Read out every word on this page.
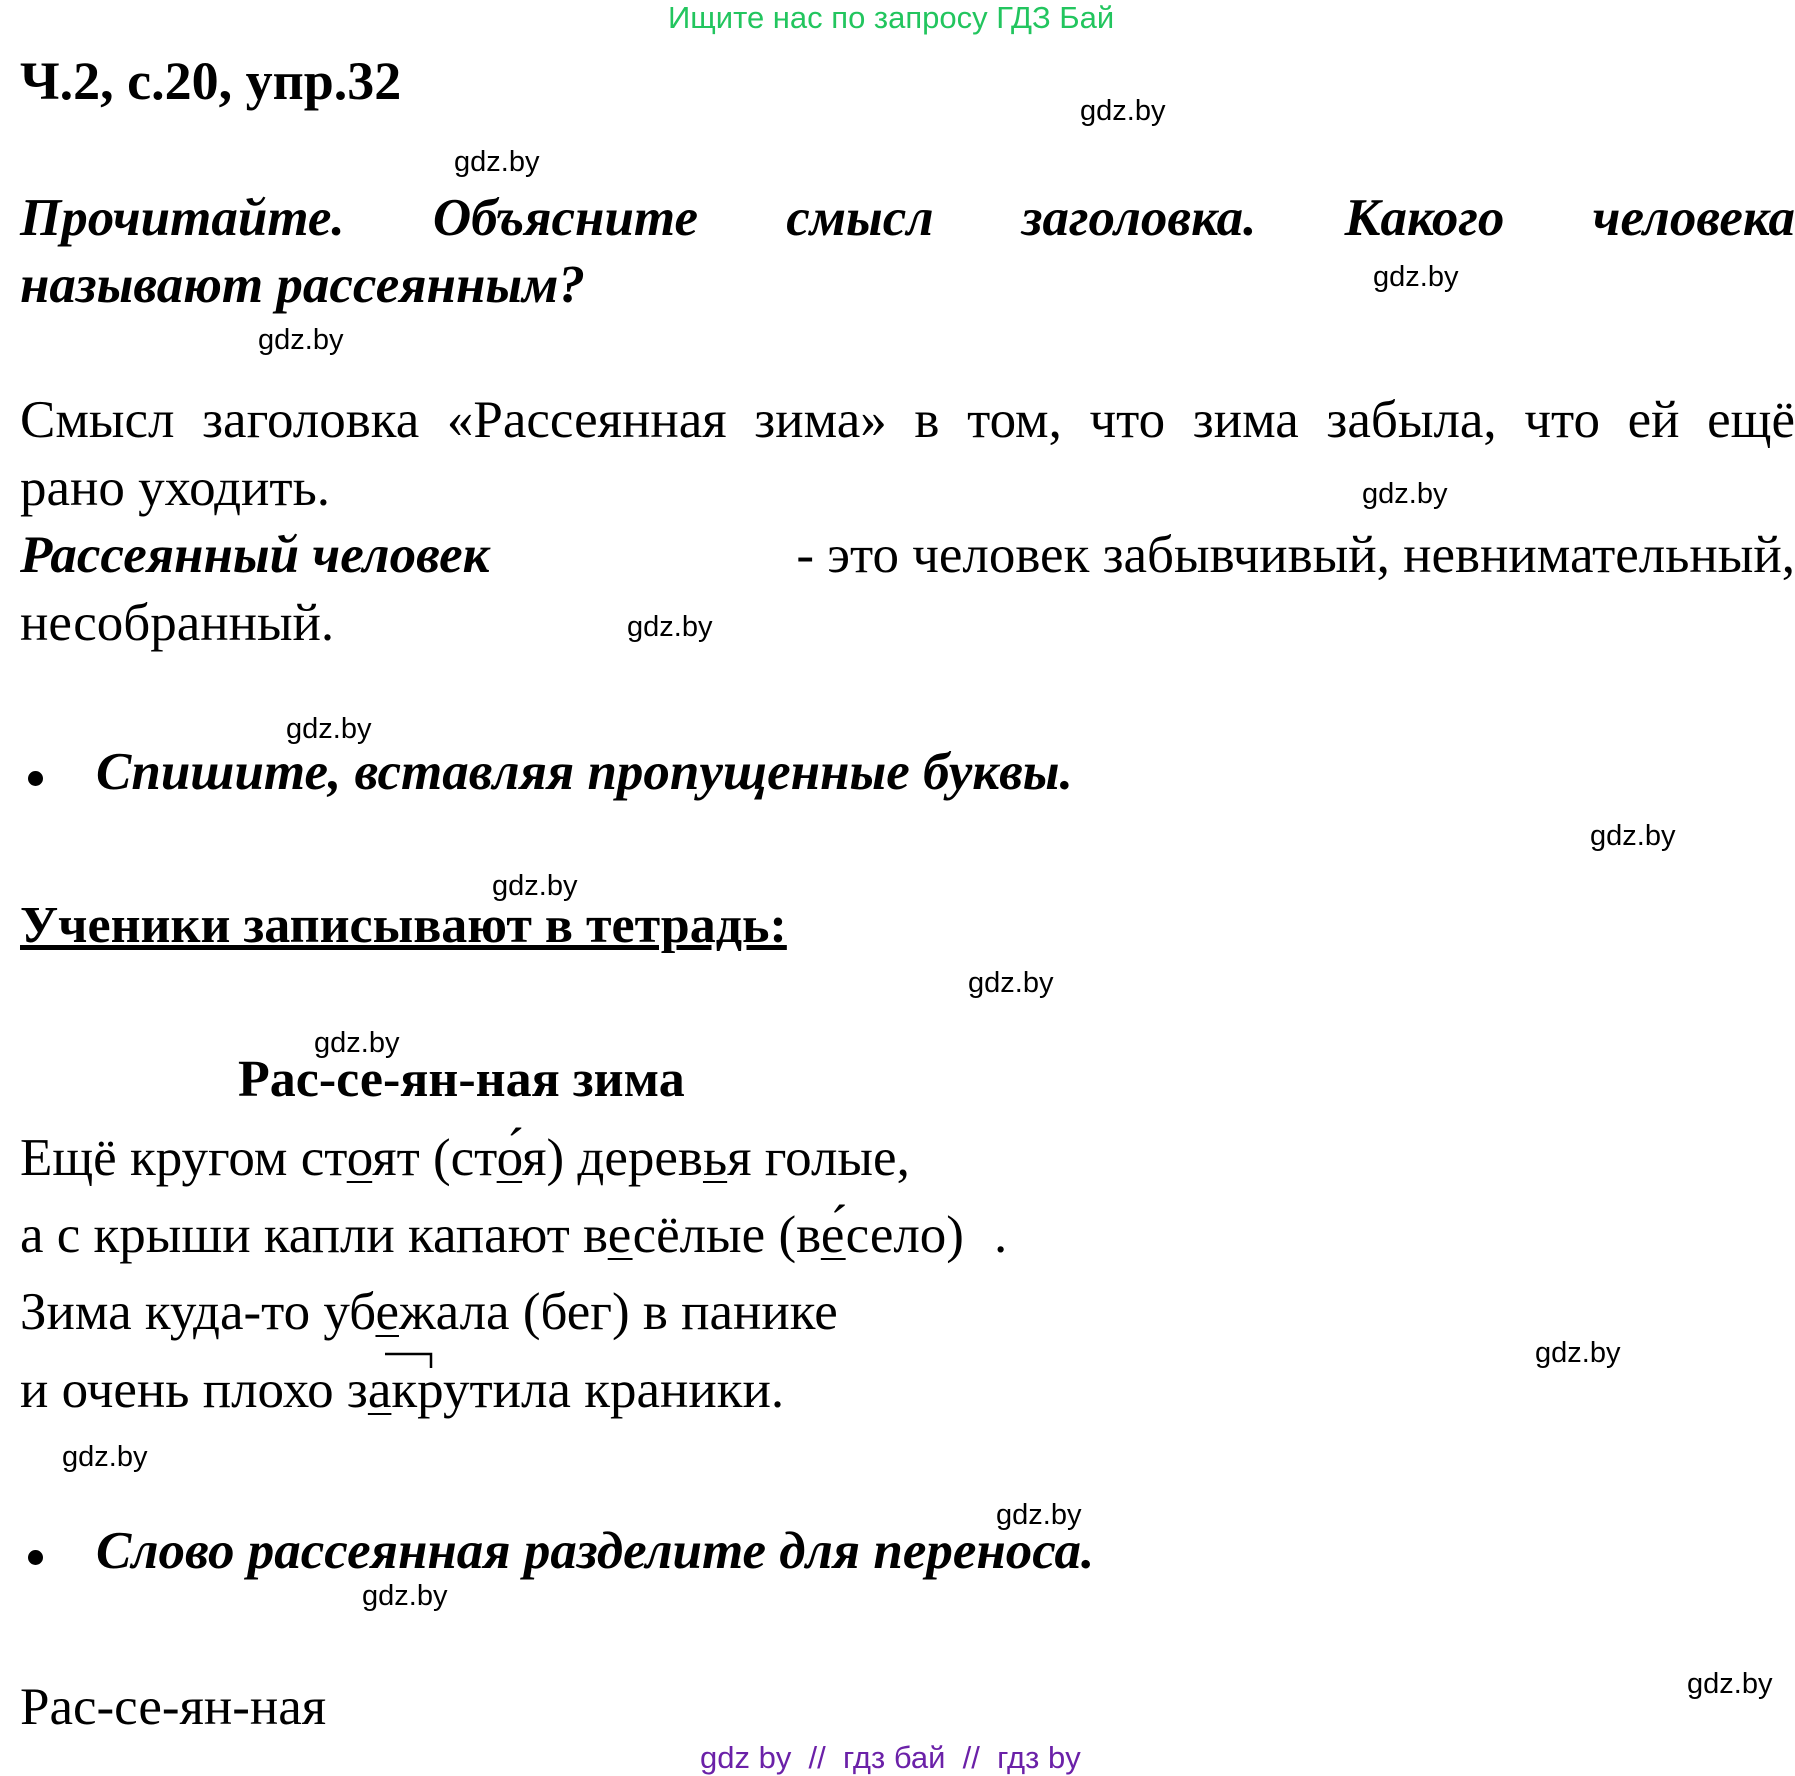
Ищите нас по запросу ГДЗ Бай
Ч.2, с.20, упр.32	gdz.by
gdz.by
gdz.by
gdz.by
gdz.by
gdz.by
gdz.by
gdz.by
gdz.by
gdz.by
gdz.by
gdz.by
gdz.by
gdz.by
gdz.by
gdz.by
Прочитайте. Объясните смысл заголовка. Какого человека
называют рассеянным?
Смысл заголовка «Рассеянная зима» в том, что зима забыла, что ей ещё
рано уходить.
Рассеянный человек	- это человек забывчивый, невнимательный,
несобранный.
Спишите, вставляя пропущенные буквы.
Ученики записывают в тетрадь:
Рас-се-ян-ная зима
Ещё кругом стоят (сто́я) деревья голые,
а с крыши капли капают весёлые (ве́село) .
Зима куда-то убежала (бег) в панике
и очень плохо закрутила краники.
Слово рассеянная разделите для переноса.
Рас-се-ян-ная
gdz by  //  гдз бай  //  гдз by
